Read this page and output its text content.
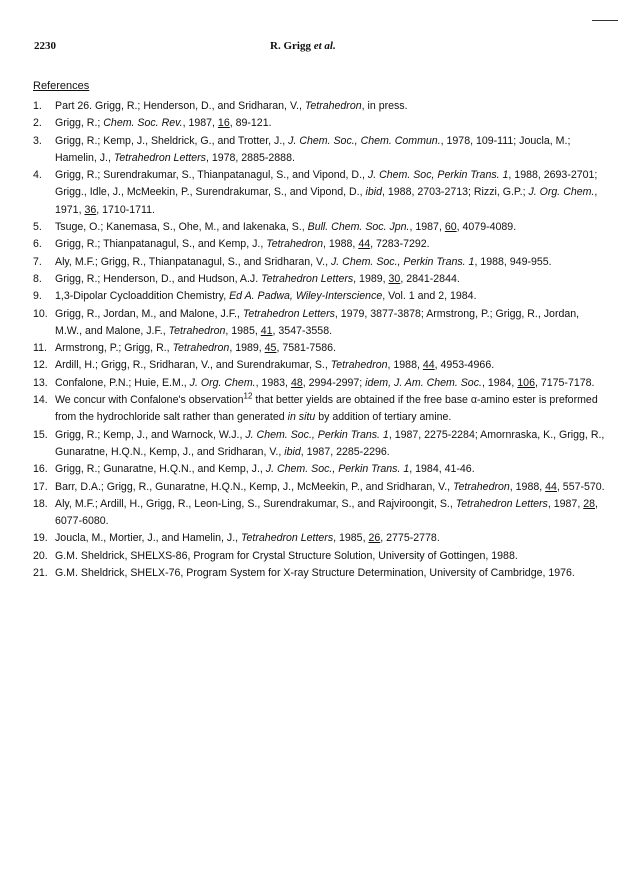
2230	R. Grigg et al.
References
1. Part 26. Grigg, R.; Henderson, D., and Sridharan, V., Tetrahedron, in press.
2. Grigg, R.; Chem. Soc. Rev., 1987, 16, 89-121.
3. Grigg, R.; Kemp, J., Sheldrick, G., and Trotter, J., J. Chem. Soc., Chem. Commun., 1978, 109-111; Joucla, M.; Hamelin, J., Tetrahedron Letters, 1978, 2885-2888.
4. Grigg, R.; Surendrakumar, S., Thianpatanagul, S., and Vipond, D., J. Chem. Soc, Perkin Trans. 1, 1988, 2693-2701; Grigg., Idle, J., McMeekin, P., Surendrakumar, S., and Vipond, D., ibid, 1988, 2703-2713; Rizzi, G.P.; J. Org. Chem., 1971, 36, 1710-1711.
5. Tsuge, O.; Kanemasa, S., Ohe, M., and Iakenaka, S., Bull. Chem. Soc. Jpn., 1987, 60, 4079-4089.
6. Grigg, R.; Thianpatanagul, S., and Kemp, J., Tetrahedron, 1988, 44, 7283-7292.
7. Aly, M.F.; Grigg, R., Thianpatanagul, S., and Sridharan, V., J. Chem. Soc., Perkin Trans. 1, 1988, 949-955.
8. Grigg, R.; Henderson, D., and Hudson, A.J. Tetrahedron Letters, 1989, 30, 2841-2844.
9. 1,3-Dipolar Cycloaddition Chemistry, Ed A. Padwa, Wiley-Interscience, Vol. 1 and 2, 1984.
10. Grigg, R., Jordan, M., and Malone, J.F., Tetrahedron Letters, 1979, 3877-3878; Armstrong, P.; Grigg, R., Jordan, M.W., and Malone, J.F., Tetrahedron, 1985, 41, 3547-3558.
11. Armstrong, P.; Grigg, R., Tetrahedron, 1989, 45, 7581-7586.
12. Ardill, H.; Grigg, R., Sridharan, V., and Surendrakumar, S., Tetrahedron, 1988, 44, 4953-4966.
13. Confalone, P.N.; Huie, E.M., J. Org. Chem., 1983, 48, 2994-2997; idem, J. Am. Chem. Soc., 1984, 106, 7175-7178.
14. We concur with Confalone's observation$^{12}$ that better yields are obtained if the free base α-amino ester is preformed from the hydrochloride salt rather than generated in situ by addition of tertiary amine.
15. Grigg, R.; Kemp, J., and Warnock, W.J., J. Chem. Soc., Perkin Trans. 1, 1987, 2275-2284; Amornraska, K., Grigg, R., Gunaratne, H.Q.N., Kemp, J., and Sridharan, V., ibid, 1987, 2285-2296.
16. Grigg, R.; Gunaratne, H.Q.N., and Kemp, J., J. Chem. Soc., Perkin Trans. 1, 1984, 41-46.
17. Barr, D.A.; Grigg, R., Gunaratne, H.Q.N., Kemp, J., McMeekin, P., and Sridharan, V., Tetrahedron, 1988, 44, 557-570.
18. Aly, M.F.; Ardill, H., Grigg, R., Leon-Ling, S., Surendrakumar, S., and Rajviroongit, S., Tetrahedron Letters, 1987, 28, 6077-6080.
19. Joucla, M., Mortier, J., and Hamelin, J., Tetrahedron Letters, 1985, 26, 2775-2778.
20. G.M. Sheldrick, SHELXS-86, Program for Crystal Structure Solution, University of Gottingen, 1988.
21. G.M. Sheldrick, SHELX-76, Program System for X-ray Structure Determination, University of Cambridge, 1976.
